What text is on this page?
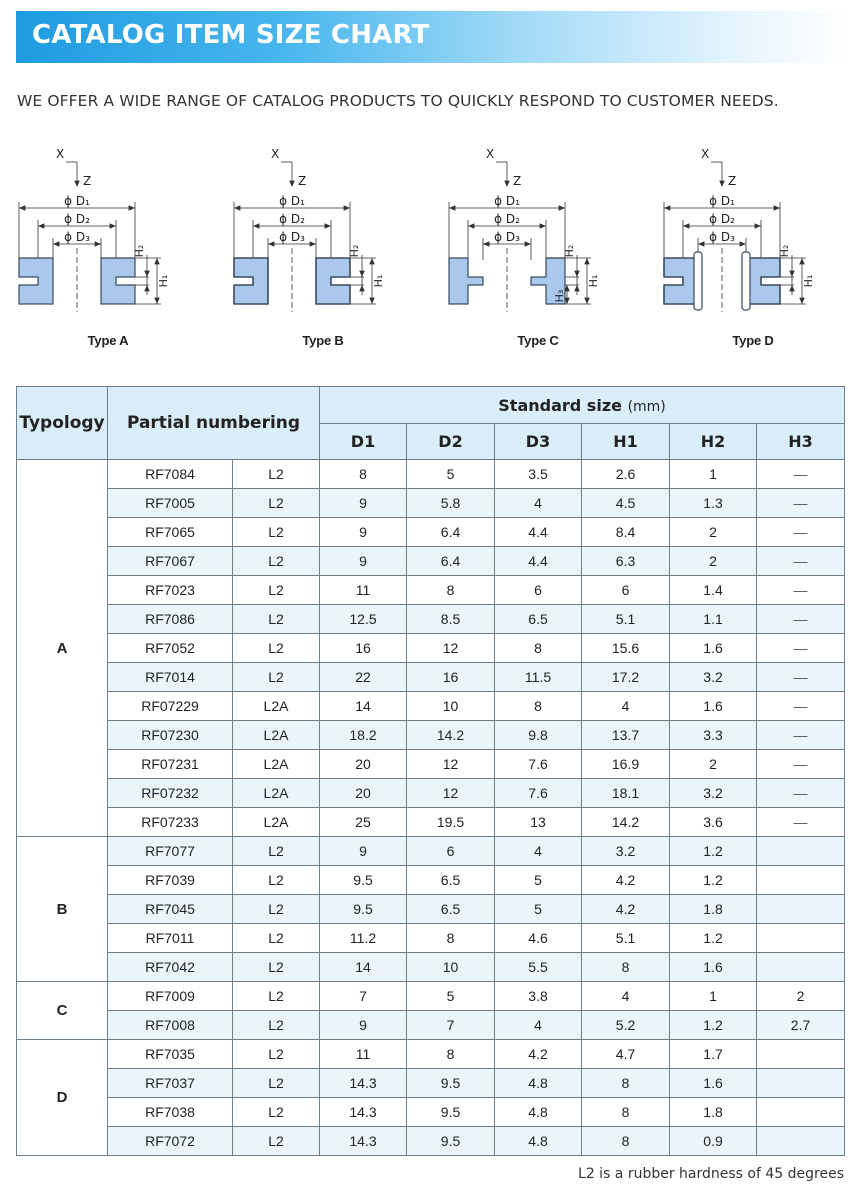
CATALOG ITEM SIZE CHART

WE OFFER A WIDE RANGE OF CATALOG PRODUCTS TO QUICKLY RESPOND TO CUSTOMER NEEDS.

X
Z
ϕ D₁
ϕ D₂
ϕ D₃
H₁
H₂
X
Z
ϕ D₁
ϕ D₂
ϕ D₃
H₁
H₂
X
Z
ϕ D₁
ϕ D₂
ϕ D₃
H₁
H₂
H₃
X
Z
ϕ D₁
ϕ D₂
ϕ D₃
H₁
H₂
Type A	Type B	Type C	Type D
Typology	Partial numbering		Standard size (mm)					
			D1	D2	D3	H1	H2	H3
A	RF7084	L2	8	5	3.5	2.6	1	—
	RF7005	L2	9	5.8	4	4.5	1.3	—
	RF7065	L2	9	6.4	4.4	8.4	2	—
	RF7067	L2	9	6.4	4.4	6.3	2	—
	RF7023	L2	11	8	6	6	1.4	—
	RF7086	L2	12.5	8.5	6.5	5.1	1.1	—
	RF7052	L2	16	12	8	15.6	1.6	—
	RF7014	L2	22	16	11.5	17.2	3.2	—
	RF07229	L2A	14	10	8	4	1.6	—
	RF07230	L2A	18.2	14.2	9.8	13.7	3.3	—
	RF07231	L2A	20	12	7.6	16.9	2	—
	RF07232	L2A	20	12	7.6	18.1	3.2	—
	RF07233	L2A	25	19.5	13	14.2	3.6	—
B	RF7077	L2	9	6	4	3.2	1.2	
	RF7039	L2	9.5	6.5	5	4.2	1.2	
	RF7045	L2	9.5	6.5	5	4.2	1.8	
	RF7011	L2	11.2	8	4.6	5.1	1.2	
	RF7042	L2	14	10	5.5	8	1.6	
C	RF7009	L2	7	5	3.8	4	1	2
	RF7008	L2	9	7	4	5.2	1.2	2.7
D	RF7035	L2	11	8	4.2	4.7	1.7	
	RF7037	L2	14.3	9.5	4.8	8	1.6	
	RF7038	L2	14.3	9.5	4.8	8	1.8	
	RF7072	L2	14.3	9.5	4.8	8	0.9	

L2 is a rubber hardness of 45 degrees
